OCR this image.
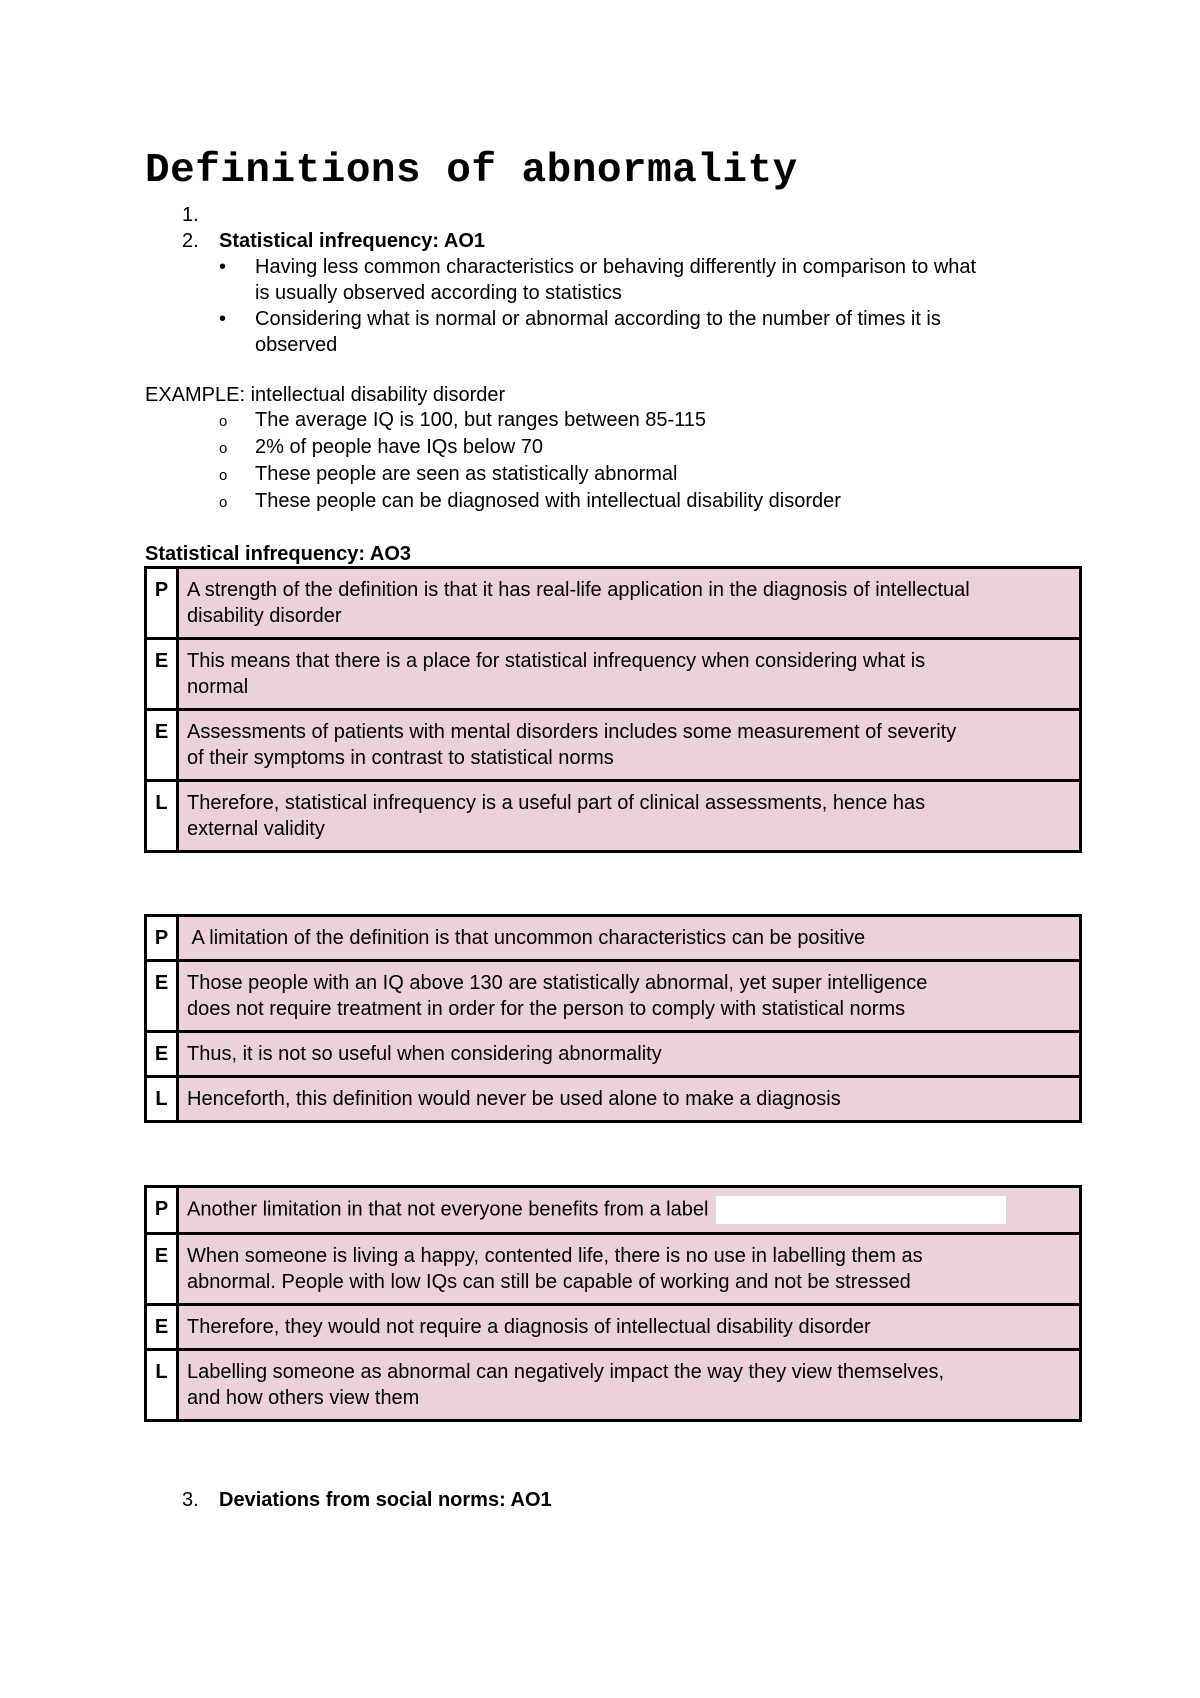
Definitions of abnormality
1.
2. Statistical infrequency: AO1
• Having less common characteristics or behaving differently in comparison to what
is usually observed according to statistics
• Considering what is normal or abnormal according to the number of times it is
observed
EXAMPLE: intellectual disability disorder
o The average IQ is 100, but ranges between 85-115
o 2% of people have IQs below 70
o These people are seen as statistically abnormal
o These people can be diagnosed with intellectual disability disorder
Statistical infrequency: AO3
P	A strength of the definition is that it has real-life application in the diagnosis of intellectual
disability disorder

E	This means that there is a place for statistical infrequency when considering what is
normal

E	Assessments of patients with mental disorders includes some measurement of severity
of their symptoms in contrast to statistical norms

L	Therefore, statistical infrequency is a useful part of clinical assessments, hence has
external validity
P	A limitation of the definition is that uncommon characteristics can be positive

E	Those people with an IQ above 130 are statistically abnormal, yet super intelligence
does not require treatment in order for the person to comply with statistical norms

E	Thus, it is not so useful when considering abnormality

L	Henceforth, this definition would never be used alone to make a diagnosis
P	Another limitation in that not everyone benefits from a label

E	When someone is living a happy, contented life, there is no use in labelling them as
abnormal. People with low IQs can still be capable of working and not be stressed

E	Therefore, they would not require a diagnosis of intellectual disability disorder

L	Labelling someone as abnormal can negatively impact the way they view themselves,
and how others view them
3. Deviations from social norms: AO1
